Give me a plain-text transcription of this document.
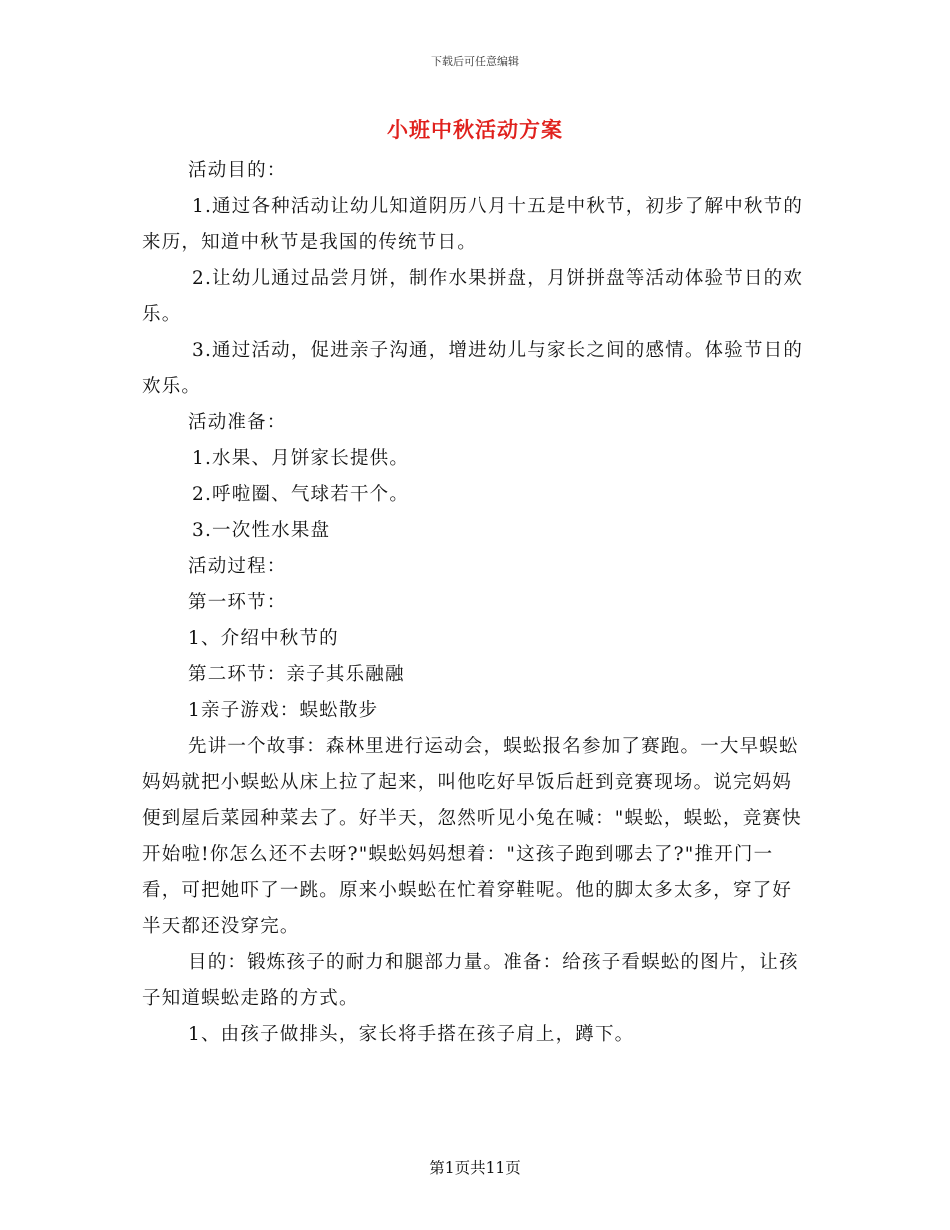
下载后可任意编辑
小班中秋活动方案

活动目的：

1.通过各种活动让幼儿知道阴历八月十五是中秋节，初步了解中秋节的来历，知道中秋节是我国的传统节日。

2.让幼儿通过品尝月饼，制作水果拼盘，月饼拼盘等活动体验节日的欢乐。

3.通过活动，促进亲子沟通，增进幼儿与家长之间的感情。体验节日的欢乐。

活动准备：

1.水果、月饼家长提供。

2.呼啦圈、气球若干个。

3.一次性水果盘

活动过程：

第一环节：

1、介绍中秋节的

第二环节：亲子其乐融融

1亲子游戏：蜈蚣散步

先讲一个故事：森林里进行运动会，蜈蚣报名参加了赛跑。一大早蜈蚣妈妈就把小蜈蚣从床上拉了起来，叫他吃好早饭后赶到竞赛现场。说完妈妈便到屋后菜园种菜去了。好半天，忽然听见小兔在喊："蜈蚣，蜈蚣，竞赛快开始啦!你怎么还不去呀?"蜈蚣妈妈想着："这孩子跑到哪去了?"推开门一看，可把她吓了一跳。原来小蜈蚣在忙着穿鞋呢。他的脚太多太多，穿了好半天都还没穿完。

目的：锻炼孩子的耐力和腿部力量。准备：给孩子看蜈蚣的图片，让孩子知道蜈蚣走路的方式。

1、由孩子做排头，家长将手搭在孩子肩上，蹲下。

第1页共11页
